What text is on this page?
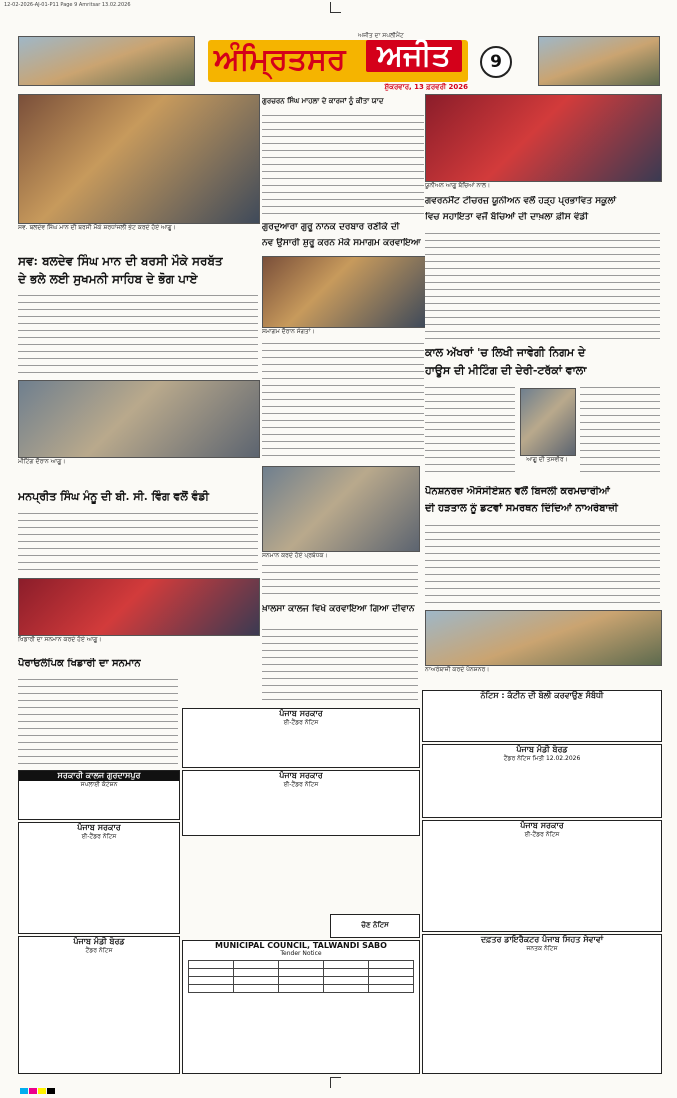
12-02-2026-AJ-01-P11 Page 9 Amritsar 13.02.2026
ਅਜੀਤ ਦਾ ਸਪਲੀਮੈਂਟ
ਅੰਮ੍ਰਿਤਸਰ	ਅਜੀਤ
ਸ਼ੁੱਕਰਵਾਰ, 13 ਫ਼ਰਵਰੀ 2026
9
ਸਵ. ਬਲਦੇਵ ਸਿੰਘ ਮਾਨ ਦੀ ਬਰਸੀ ਮੌਕੇ ਸ਼ਰਧਾਂਜਲੀ ਭੇਟ ਕਰਦੇ ਹੋਏ ਆਗੂ।
ਸਵ: ਬਲਦੇਵ ਸਿੰਘ ਮਾਨ ਦੀ ਬਰਸੀ ਮੌਕੇ ਸਰਬੱਤ
ਦੇ ਭਲੇ ਲਈ ਸੁਖਮਨੀ ਸਾਹਿਬ ਦੇ ਭੋਗ ਪਾਏ
ਮੀਟਿੰਗ ਦੌਰਾਨ ਆਗੂ।
ਮਨਪ੍ਰੀਤ ਸਿੰਘ ਮੰਨੂ ਦੀ ਬੀ. ਸੀ. ਵਿੰਗ ਵਲੋਂ ਵੰਡੀ
ਖਿਡਾਰੀ ਦਾ ਸਨਮਾਨ ਕਰਦੇ ਹੋਏ ਆਗੂ।
ਪੈਰਾਓਲੰਪਿਕ ਖਿਡਾਰੀ ਦਾ ਸਨਮਾਨ
ਗੁਰਚਰਨ ਸਿੰਘ ਮਾਹਲਾ ਦੇ ਕਾਰਜਾਂ ਨੂੰ ਕੀਤਾ ਯਾਦ
ਗੁਰਦੁਆਰਾ ਗੁਰੂ ਨਾਨਕ ਦਰਬਾਰ ਰਣੀਕੇ ਦੀ
ਨਵ ਉਸਾਰੀ ਸ਼ੁਰੂ ਕਰਨ ਮੌਕੇ ਸਮਾਗਮ ਕਰਵਾਇਆ
ਸਮਾਗਮ ਦੌਰਾਨ ਸੰਗਤਾਂ।
ਸਨਮਾਨ ਕਰਦੇ ਹੋਏ ਪ੍ਰਬੰਧਕ।
ਖ਼ਾਲਸਾ ਕਾਲਜ ਵਿਖੇ ਕਰਵਾਇਆ ਗਿਆ ਦੀਵਾਨ
ਯੂਨੀਅਨ ਆਗੂ ਬੱਚਿਆਂ ਨਾਲ।
ਗਵਰਨਮੈਂਟ ਟੀਚਰਜ਼ ਯੂਨੀਅਨ ਵਲੋਂ ਹੜ੍ਹ ਪ੍ਰਭਾਵਿਤ ਸਕੂਲਾਂ
ਵਿਚ ਸਹਾਇਤਾ ਵਜੋਂ ਬੱਚਿਆਂ ਦੀ ਦਾਖ਼ਲਾ ਫ਼ੀਸ ਵੰਡੀ
ਕਾਲ ਅੱਖਰਾਂ 'ਚ ਲਿਖੀ ਜਾਵੇਗੀ ਨਿਗਮ ਦੇ
ਹਾਊਸ ਦੀ ਮੀਟਿੰਗ ਦੀ ਦੇਰੀ-ਟਰੱਕਾਂ ਵਾਲਾ
ਆਗੂ ਦੀ ਤਸਵੀਰ।
ਪੈਨਸ਼ਨਰਜ਼ ਐਸੋਸੀਏਸ਼ਨ ਵਲੋਂ ਬਿਜਲੀ ਕਰਮਚਾਰੀਆਂ
ਦੀ ਹੜਤਾਲ ਨੂੰ ਡਟਵਾਂ ਸਮਰਥਨ ਦਿੰਦਿਆਂ ਨਾਅਰੇਬਾਜ਼ੀ
ਨਾਅਰੇਬਾਜ਼ੀ ਕਰਦੇ ਪੈਨਸ਼ਨਰ।
ਸਰਕਾਰੀ ਕਾਲਜ ਗੁਰਦਾਸਪੁਰ
ਸਪਲਾਈ ਕੋਟੇਸ਼ਨ
ਪੰਜਾਬ ਸਰਕਾਰ
ਈ-ਟੈਂਡਰ ਨੋਟਿਸ
ਪੰਜਾਬ ਮੰਡੀ ਬੋਰਡ
ਟੈਂਡਰ ਨੋਟਿਸ
ਪੰਜਾਬ ਸਰਕਾਰ
ਈ-ਟੈਂਡਰ ਨੋਟਿਸ
ਪੰਜਾਬ ਸਰਕਾਰ
ਈ-ਟੈਂਡਰ ਨੋਟਿਸ
MUNICIPAL COUNCIL, TALWANDI SABO
Tender Notice

ਨੋਟਿਸ : ਕੰਟੀਨ ਦੀ ਬੋਲੀ ਕਰਵਾਉਣ ਸੰਬੰਧੀ
ਪੰਜਾਬ ਮੰਡੀ ਬੋਰਡ
ਟੈਂਡਰ ਨੋਟਿਸ ਮਿਤੀ 12.02.2026
ਪੰਜਾਬ ਸਰਕਾਰ
ਈ-ਟੈਂਡਰ ਨੋਟਿਸ
ਦਫ਼ਤਰ ਡਾਇਰੈਕਟਰ ਪੰਜਾਬ ਸਿਹਤ ਸੇਵਾਵਾਂ
ਜਨਤਕ ਨੋਟਿਸ
ਚੋਣ ਨੋਟਿਸ
